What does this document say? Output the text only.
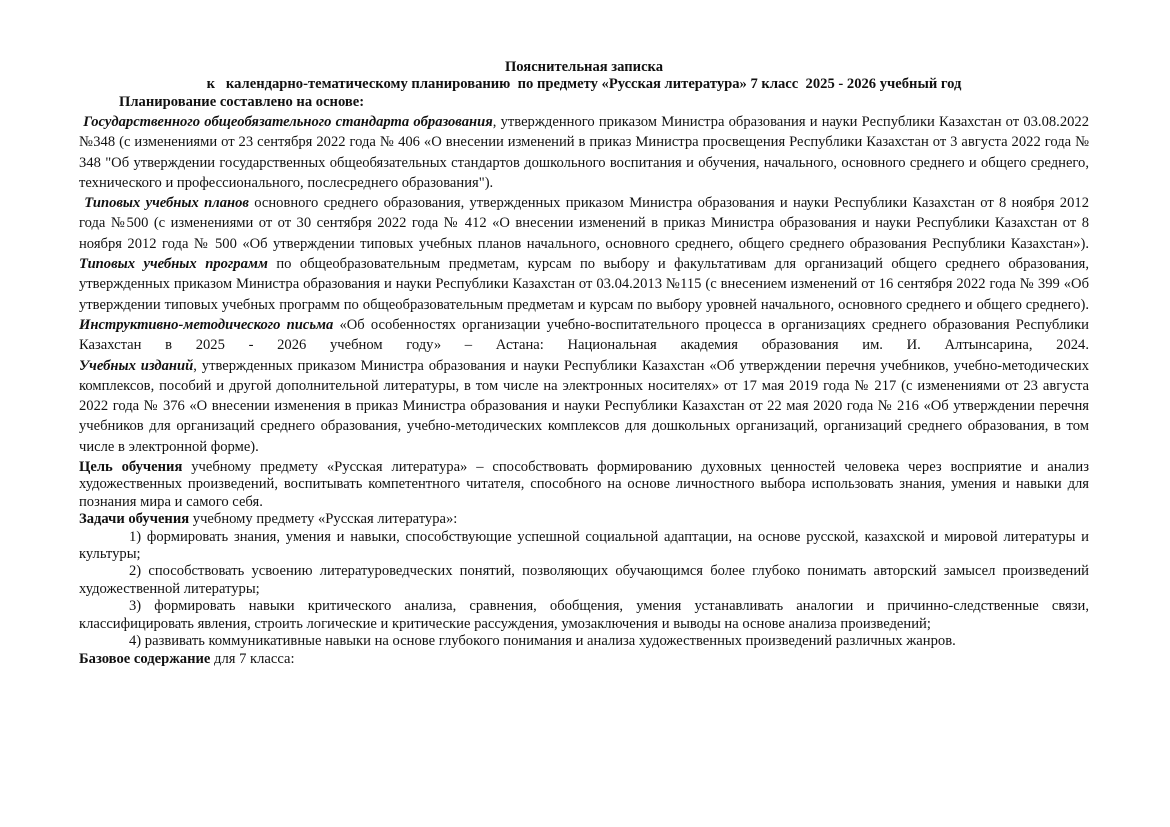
Пояснительная записка
к   календарно-тематическому планированию  по предмету «Русская литература» 7 класс  2025 - 2026 учебный год
Планирование составлено на основе:

Государственного общеобязательного стандарта образования, утвержденного приказом Министра образования и науки Республики Казахстан от 03.08.2022 №348 (с изменениями от 23 сентября 2022 года № 406 «О внесении изменений в приказ Министра просвещения Республики Казахстан от 3 августа 2022 года № 348 "Об утверждении государственных общеобязательных стандартов дошкольного воспитания и обучения, начального, основного среднего и общего среднего, технического и профессионального, послесреднего образования").

Типовых учебных планов основного среднего образования, утвержденных приказом Министра образования и науки Республики Казахстан от 8 ноября 2012 года №500 (с изменениями от от 30 сентября 2022 года № 412 «О внесении изменений в приказ Министра образования и науки Республики Казахстан от 8 ноября 2012 года № 500 «Об утверждении типовых учебных планов начального, основного среднего, общего среднего образования Республики Казахстан»).

Типовых учебных программ по общеобразовательным предметам, курсам по выбору и факультативам для организаций общего среднего образования, утвержденных приказом Министра образования и науки Республики Казахстан от 03.04.2013 №115 (с внесением изменений от 16 сентября 2022 года № 399 «Об утверждении типовых учебных программ по общеобразовательным предметам и курсам по выбору уровней начального, основного среднего и общего среднего).

Инструктивно-методического письма «Об особенностях организации учебно-воспитательного процесса в организациях среднего образования Республики Казахстан в 2025 - 2026 учебном году» – Астана: Национальная академия образования им. И. Алтынсарина, 2024.

Учебных изданий, утвержденных приказом Министра образования и науки Республики Казахстан «Об утверждении перечня учебников, учебно-методических комплексов, пособий и другой дополнительной литературы, в том числе на электронных носителях» от 17 мая 2019 года № 217 (с изменениями от 23 августа 2022 года № 376 «О внесении изменения в приказ Министра образования и науки Республики Казахстан от 22 мая 2020 года № 216 «Об утверждении перечня учебников для организаций среднего образования, учебно-методических комплексов для дошкольных организаций, организаций среднего образования, в том числе в электронной форме).

Цель обучения учебному предмету «Русская литература» – способствовать формированию духовных ценностей человека через восприятие и анализ художественных произведений, воспитывать компетентного читателя, способного на основе личностного выбора использовать знания, умения и навыки для познания мира и самого себя.

Задачи обучения учебному предмету «Русская литература»:

1) формировать знания, умения и навыки, способствующие успешной социальной адаптации, на основе русской, казахской и мировой литературы и культуры;

2) способствовать усвоению литературоведческих понятий, позволяющих обучающимся более глубоко понимать авторский замысел произведений художественной литературы;

3) формировать навыки критического анализа, сравнения, обобщения, умения устанавливать аналогии и причинно-следственные связи, классифицировать явления, строить логические и критические рассуждения, умозаключения и выводы на основе анализа произведений;

4) развивать коммуникативные навыки на основе глубокого понимания и анализа художественных произведений различных жанров.

Базовое содержание для 7 класса:
